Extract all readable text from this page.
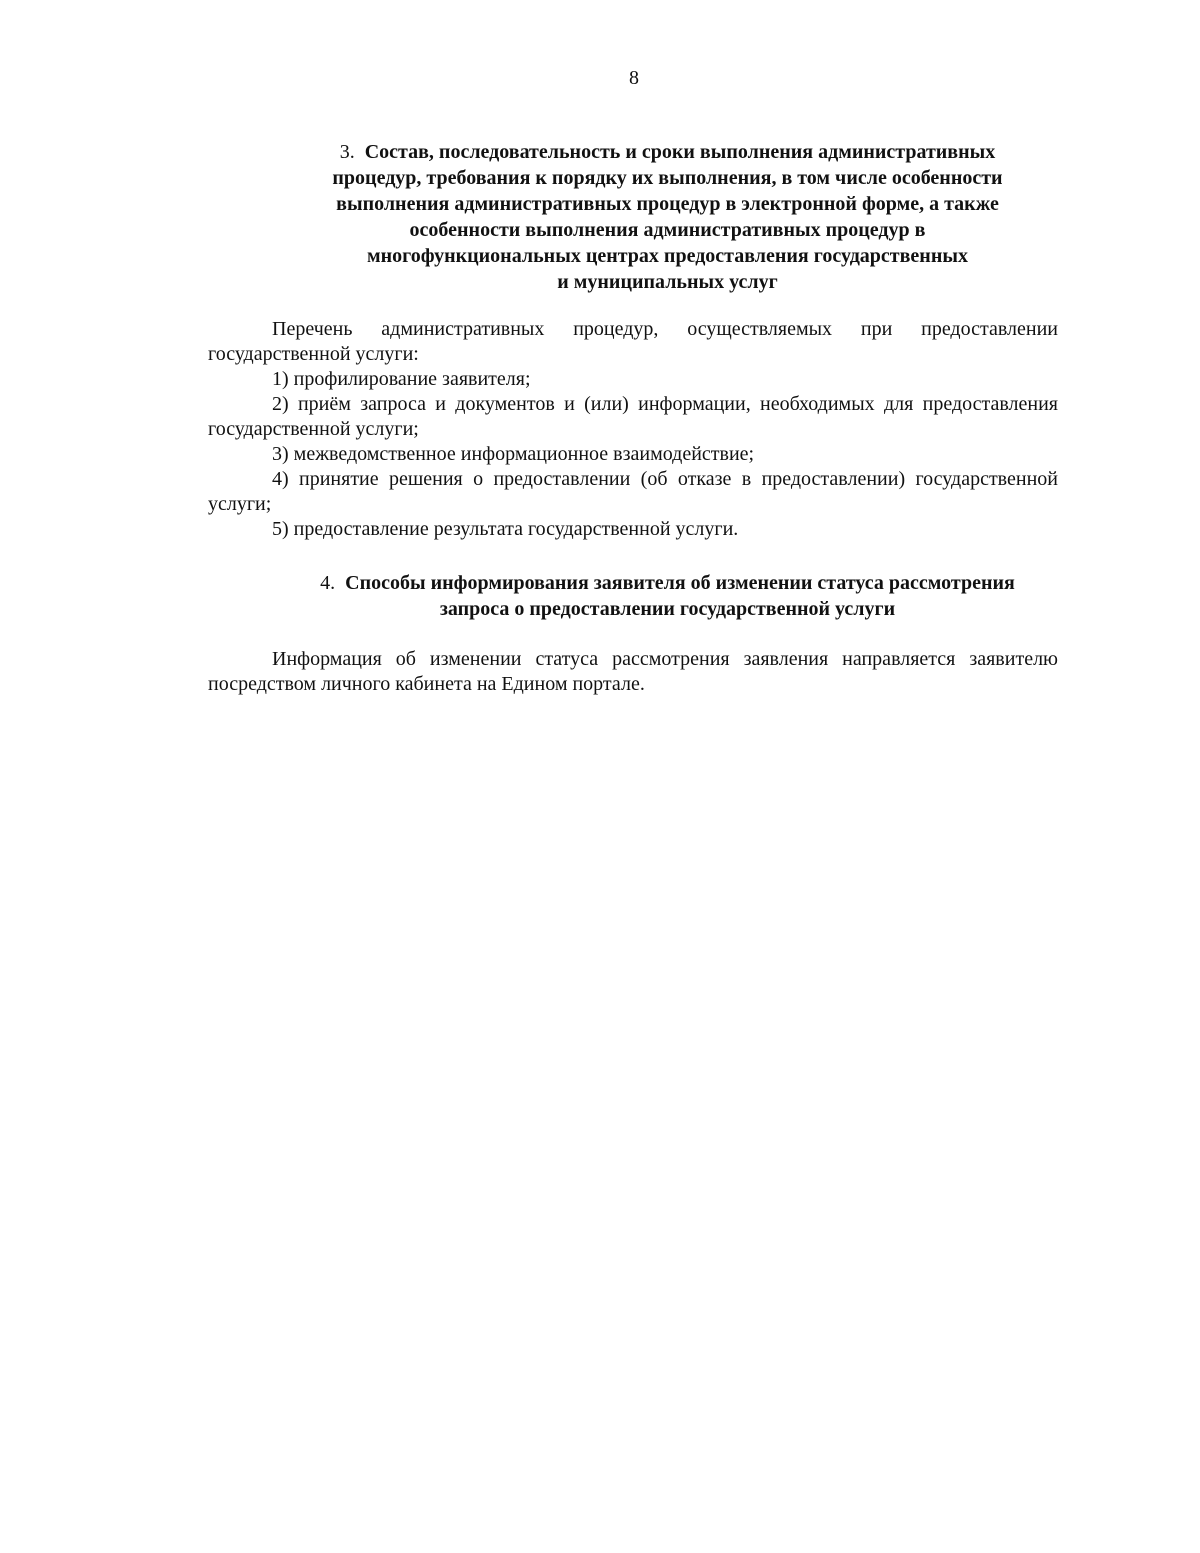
8
3. Состав, последовательность и сроки выполнения административных
процедур, требования к порядку их выполнения, в том числе особенности
выполнения административных процедур в электронной форме, а также
особенности выполнения административных процедур в
многофункциональных центрах предоставления государственных
и муниципальных услуг

Перечень административных процедур, осуществляемых при предоставлении государственной услуги:

1) профилирование заявителя;

2) приём запроса и документов и (или) информации, необходимых для предоставления государственной услуги;

3) межведомственное информационное взаимодействие;

4) принятие решения о предоставлении (об отказе в предоставлении) государственной услуги;

5) предоставление результата государственной услуги.

4. Способы информирования заявителя об изменении статуса рассмотрения
запроса о предоставлении государственной услуги

Информация об изменении статуса рассмотрения заявления направляется заявителю посредством личного кабинета на Едином портале.
